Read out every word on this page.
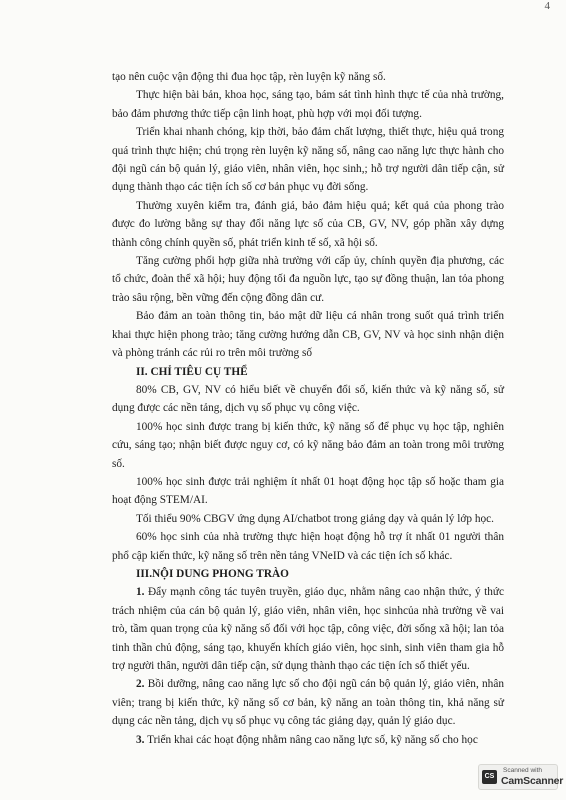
4

tạo nên cuộc vận động thi đua học tập, rèn luyện kỹ năng số.

Thực hiện bài bản, khoa học, sáng tạo, bám sát tình hình thực tế của nhà trường, bảo đảm phương thức tiếp cận linh hoạt, phù hợp với mọi đối tượng.

Triển khai nhanh chóng, kịp thời, bảo đảm chất lượng, thiết thực, hiệu quả trong quá trình thực hiện; chú trọng rèn luyện kỹ năng số, nâng cao năng lực thực hành cho đội ngũ cán bộ quản lý, giáo viên, nhân viên, học sinh,; hỗ trợ người dân tiếp cận, sử dụng thành thạo các tiện ích số cơ bản phục vụ đời sống.

Thường xuyên kiểm tra, đánh giá, bảo đảm hiệu quả; kết quả của phong trào được đo lường bằng sự thay đổi năng lực số của CB, GV, NV, góp phần xây dựng thành công chính quyền số, phát triển kinh tế số, xã hội số.

Tăng cường phối hợp giữa nhà trường với cấp ủy, chính quyền địa phương, các tổ chức, đoàn thể xã hội; huy động tối đa nguồn lực, tạo sự đồng thuận, lan tỏa phong trào sâu rộng, bền vững đến cộng đồng dân cư.

Bảo đảm an toàn thông tin, bảo mật dữ liệu cá nhân trong suốt quá trình triển khai thực hiện phong trào; tăng cường hướng dẫn CB, GV, NV và học sinh nhận diện và phòng tránh các rủi ro trên môi trường số

II. CHỈ TIÊU CỤ THỂ

80% CB, GV, NV có hiểu biết về chuyển đổi số, kiến thức và kỹ năng số, sử dụng được các nền tảng, dịch vụ số phục vụ công việc.

100% học sinh được trang bị kiến thức, kỹ năng số để phục vụ học tập, nghiên cứu, sáng tạo; nhận biết được nguy cơ, có kỹ năng bảo đảm an toàn trong môi trường số.

100% học sinh được trải nghiệm ít nhất 01 hoạt động học tập số hoặc tham gia hoạt động STEM/AI.

Tối thiểu 90% CBGV ứng dụng AI/chatbot trong giảng dạy và quản lý lớp học.

60% học sinh của nhà trường thực hiện hoạt động hỗ trợ ít nhất 01 người thân phổ cập kiến thức, kỹ năng số trên nền tảng VNeID và các tiện ích số khác.

III.NỘI DUNG PHONG TRÀO

1. Đẩy mạnh công tác tuyên truyền, giáo dục, nhằm nâng cao nhận thức, ý thức trách nhiệm của cán bộ quản lý, giáo viên, nhân viên, học sinhcủa nhà trường về vai trò, tầm quan trọng của kỹ năng số đối với học tập, công việc, đời sống xã hội; lan tỏa tinh thần chủ động, sáng tạo, khuyến khích giáo viên, học sinh, sinh viên tham gia hỗ trợ người thân, người dân tiếp cận, sử dụng thành thạo các tiện ích số thiết yếu.

2. Bồi dưỡng, nâng cao năng lực số cho đội ngũ cán bộ quản lý, giáo viên, nhân viên; trang bị kiến thức, kỹ năng số cơ bản, kỹ năng an toàn thông tin, khả năng sử dụng các nền tảng, dịch vụ số phục vụ công tác giảng dạy, quản lý giáo dục.

3. Triển khai các hoạt động nhằm nâng cao năng lực số, kỹ năng số cho học

CS
Scanned with
CamScanner
